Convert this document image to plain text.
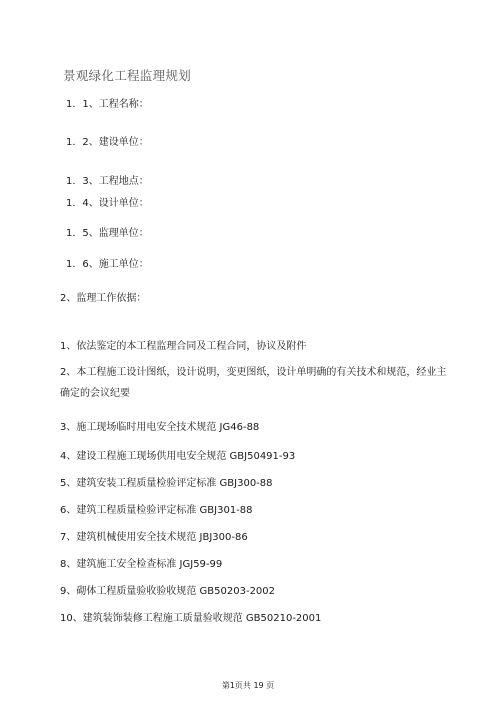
景观绿化工程监理规划
1．1、工程名称：
1．2、建设单位：
1．3、工程地点：
1．4、设计单位：
1．5、监理单位：
1．6、施工单位：
2、监理工作依据：
1、依法鉴定的本工程监理合同及工程合同，协议及附件
2、本工程施工设计图纸，设计说明，变更图纸，设计单明确的有关技术和规范，经业主确定的会议纪要
3、施工现场临时用电安全技术规范 JG46-88
4、建设工程施工现场供用电安全规范 GBJ50491-93
5、建筑安装工程质量检验评定标准 GBJ300-88
6、建筑工程质量检验评定标准 GBJ301-88
7、建筑机械使用安全技术规范 JBJ300-86
8、建筑施工安全检查标准 JGJ59-99
9、砌体工程质量验收验收规范 GB50203-2002
10、建筑装饰装修工程施工质量验收规范 GB50210-2001
第1页共 19 页
